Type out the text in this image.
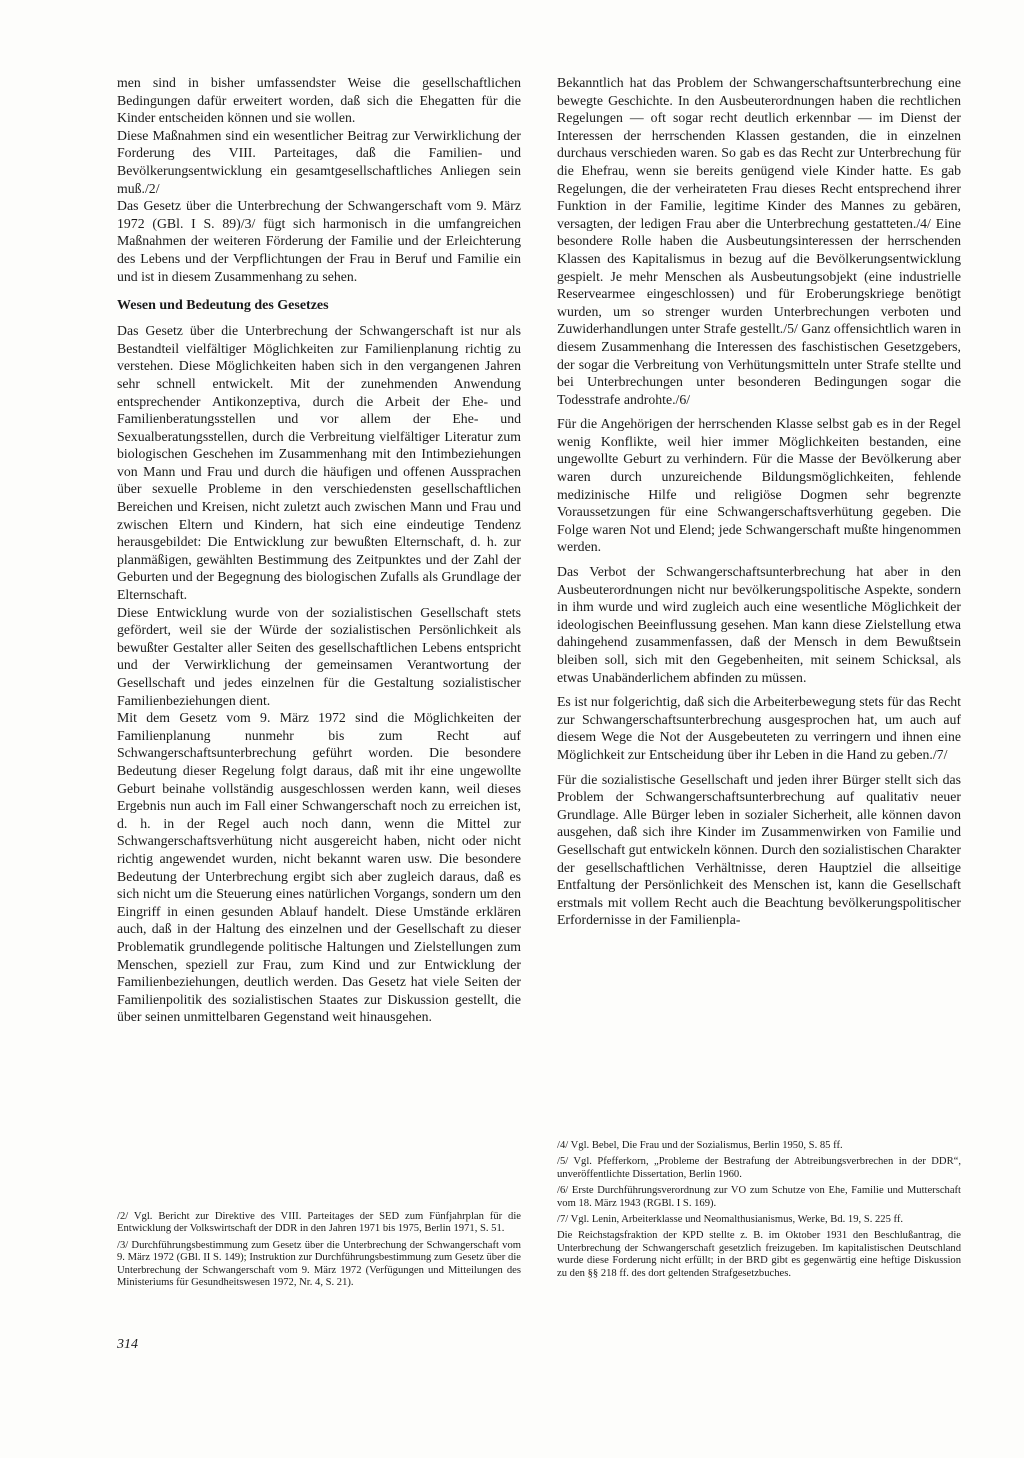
men sind in bisher umfassendster Weise die gesellschaftlichen Bedingungen dafür erweitert worden, daß sich die Ehegatten für die Kinder entscheiden können und sie wollen.

Diese Maßnahmen sind ein wesentlicher Beitrag zur Verwirklichung der Forderung des VIII. Parteitages, daß die Familien- und Bevölkerungsentwicklung ein gesamtgesellschaftliches Anliegen sein muß./2/

Das Gesetz über die Unterbrechung der Schwangerschaft vom 9. März 1972 (GBl. I S. 89)/3/ fügt sich harmonisch in die umfangreichen Maßnahmen der weiteren Förderung der Familie und der Erleichterung des Lebens und der Verpflichtungen der Frau in Beruf und Familie ein und ist in diesem Zusammenhang zu sehen.

Wesen und Bedeutung des Gesetzes

Das Gesetz über die Unterbrechung der Schwangerschaft ist nur als Bestandteil vielfältiger Möglichkeiten zur Familienplanung richtig zu verstehen. Diese Möglichkeiten haben sich in den vergangenen Jahren sehr schnell entwickelt. Mit der zunehmenden Anwendung entsprechender Antikonzeptiva, durch die Arbeit der Ehe- und Familienberatungsstellen und vor allem der Ehe- und Sexualberatungsstellen, durch die Verbreitung vielfältiger Literatur zum biologischen Geschehen im Zusammenhang mit den Intimbeziehungen von Mann und Frau und durch die häufigen und offenen Aussprachen über sexuelle Probleme in den verschiedensten gesellschaftlichen Bereichen und Kreisen, nicht zuletzt auch zwischen Mann und Frau und zwischen Eltern und Kindern, hat sich eine eindeutige Tendenz herausgebildet: Die Entwicklung zur bewußten Elternschaft, d. h. zur planmäßigen, gewählten Bestimmung des Zeitpunktes und der Zahl der Geburten und der Begegnung des biologischen Zufalls als Grundlage der Elternschaft.

Diese Entwicklung wurde von der sozialistischen Gesellschaft stets gefördert, weil sie der Würde der sozialistischen Persönlichkeit als bewußter Gestalter aller Seiten des gesellschaftlichen Lebens entspricht und der Verwirklichung der gemeinsamen Verantwortung der Gesellschaft und jedes einzelnen für die Gestaltung sozialistischer Familienbeziehungen dient.

Mit dem Gesetz vom 9. März 1972 sind die Möglichkeiten der Familienplanung nunmehr bis zum Recht auf Schwangerschaftsunterbrechung geführt worden. Die besondere Bedeutung dieser Regelung folgt daraus, daß mit ihr eine ungewollte Geburt beinahe vollständig ausgeschlossen werden kann, weil dieses Ergebnis nun auch im Fall einer Schwangerschaft noch zu erreichen ist, d. h. in der Regel auch noch dann, wenn die Mittel zur Schwangerschaftsverhütung nicht ausgereicht haben, nicht oder nicht richtig angewendet wurden, nicht bekannt waren usw. Die besondere Bedeutung der Unterbrechung ergibt sich aber zugleich daraus, daß es sich nicht um die Steuerung eines natürlichen Vorgangs, sondern um den Eingriff in einen gesunden Ablauf handelt. Diese Umstände erklären auch, daß in der Haltung des einzelnen und der Gesellschaft zu dieser Problematik grundlegende politische Haltungen und Zielstellungen zum Menschen, speziell zur Frau, zum Kind und zur Entwicklung der Familienbeziehungen, deutlich werden. Das Gesetz hat viele Seiten der Familienpolitik des sozialistischen Staates zur Diskussion gestellt, die über seinen unmittelbaren Gegenstand weit hinausgehen.

/2/ Vgl. Bericht zur Direktive des VIII. Parteitages der SED zum Fünfjahrplan für die Entwicklung der Volkswirtschaft der DDR in den Jahren 1971 bis 1975, Berlin 1971, S. 51.

/3/ Durchführungsbestimmung zum Gesetz über die Unterbrechung der Schwangerschaft vom 9. März 1972 (GBl. II S. 149); Instruktion zur Durchführungsbestimmung zum Gesetz über die Unterbrechung der Schwangerschaft vom 9. März 1972 (Verfügungen und Mitteilungen des Ministeriums für Gesundheitswesen 1972, Nr. 4, S. 21).

Bekanntlich hat das Problem der Schwangerschaftsunterbrechung eine bewegte Geschichte. In den Ausbeuterordnungen haben die rechtlichen Regelungen — oft sogar recht deutlich erkennbar — im Dienst der Interessen der herrschenden Klassen gestanden, die in einzelnen durchaus verschieden waren. So gab es das Recht zur Unterbrechung für die Ehefrau, wenn sie bereits genügend viele Kinder hatte. Es gab Regelungen, die der verheirateten Frau dieses Recht entsprechend ihrer Funktion in der Familie, legitime Kinder des Mannes zu gebären, versagten, der ledigen Frau aber die Unterbrechung gestatteten./4/ Eine besondere Rolle haben die Ausbeutungsinteressen der herrschenden Klassen des Kapitalismus in bezug auf die Bevölkerungsentwicklung gespielt. Je mehr Menschen als Ausbeutungsobjekt (eine industrielle Reservearmee eingeschlossen) und für Eroberungskriege benötigt wurden, um so strenger wurden Unterbrechungen verboten und Zuwiderhandlungen unter Strafe gestellt./5/ Ganz offensichtlich waren in diesem Zusammenhang die Interessen des faschistischen Gesetzgebers, der sogar die Verbreitung von Verhütungsmitteln unter Strafe stellte und bei Unterbrechungen unter besonderen Bedingungen sogar die Todesstrafe androhte./6/

Für die Angehörigen der herrschenden Klasse selbst gab es in der Regel wenig Konflikte, weil hier immer Möglichkeiten bestanden, eine ungewollte Geburt zu verhindern. Für die Masse der Bevölkerung aber waren durch unzureichende Bildungsmöglichkeiten, fehlende medizinische Hilfe und religiöse Dogmen sehr begrenzte Voraussetzungen für eine Schwangerschaftsverhütung gegeben. Die Folge waren Not und Elend; jede Schwangerschaft mußte hingenommen werden.

Das Verbot der Schwangerschaftsunterbrechung hat aber in den Ausbeuterordnungen nicht nur bevölkerungspolitische Aspekte, sondern in ihm wurde und wird zugleich auch eine wesentliche Möglichkeit der ideologischen Beeinflussung gesehen. Man kann diese Zielstellung etwa dahingehend zusammenfassen, daß der Mensch in dem Bewußtsein bleiben soll, sich mit den Gegebenheiten, mit seinem Schicksal, als etwas Unabänderlichem abfinden zu müssen.

Es ist nur folgerichtig, daß sich die Arbeiterbewegung stets für das Recht zur Schwangerschaftsunterbrechung ausgesprochen hat, um auch auf diesem Wege die Not der Ausgebeuteten zu verringern und ihnen eine Möglichkeit zur Entscheidung über ihr Leben in die Hand zu geben./7/

Für die sozialistische Gesellschaft und jeden ihrer Bürger stellt sich das Problem der Schwangerschaftsunterbrechung auf qualitativ neuer Grundlage. Alle Bürger leben in sozialer Sicherheit, alle können davon ausgehen, daß sich ihre Kinder im Zusammenwirken von Familie und Gesellschaft gut entwickeln können. Durch den sozialistischen Charakter der gesellschaftlichen Verhältnisse, deren Hauptziel die allseitige Entfaltung der Persönlichkeit des Menschen ist, kann die Gesellschaft erstmals mit vollem Recht auch die Beachtung bevölkerungspolitischer Erfordernisse in der Familienpla-

/4/ Vgl. Bebel, Die Frau und der Sozialismus, Berlin 1950, S. 85 ff.

/5/ Vgl. Pfefferkorn, „Probleme der Bestrafung der Abtreibungsverbrechen in der DDR“, unveröffentlichte Dissertation, Berlin 1960.

/6/ Erste Durchführungsverordnung zur VO zum Schutze von Ehe, Familie und Mutterschaft vom 18. März 1943 (RGBl. I S. 169).

/7/ Vgl. Lenin, Arbeiterklasse und Neomalthusianismus, Werke, Bd. 19, S. 225 ff.

Die Reichstagsfraktion der KPD stellte z. B. im Oktober 1931 den Beschlußantrag, die Unterbrechung der Schwangerschaft gesetzlich freizugeben. Im kapitalistischen Deutschland wurde diese Forderung nicht erfüllt; in der BRD gibt es gegenwärtig eine heftige Diskussion zu den §§ 218 ff. des dort geltenden Strafgesetzbuches.

314
